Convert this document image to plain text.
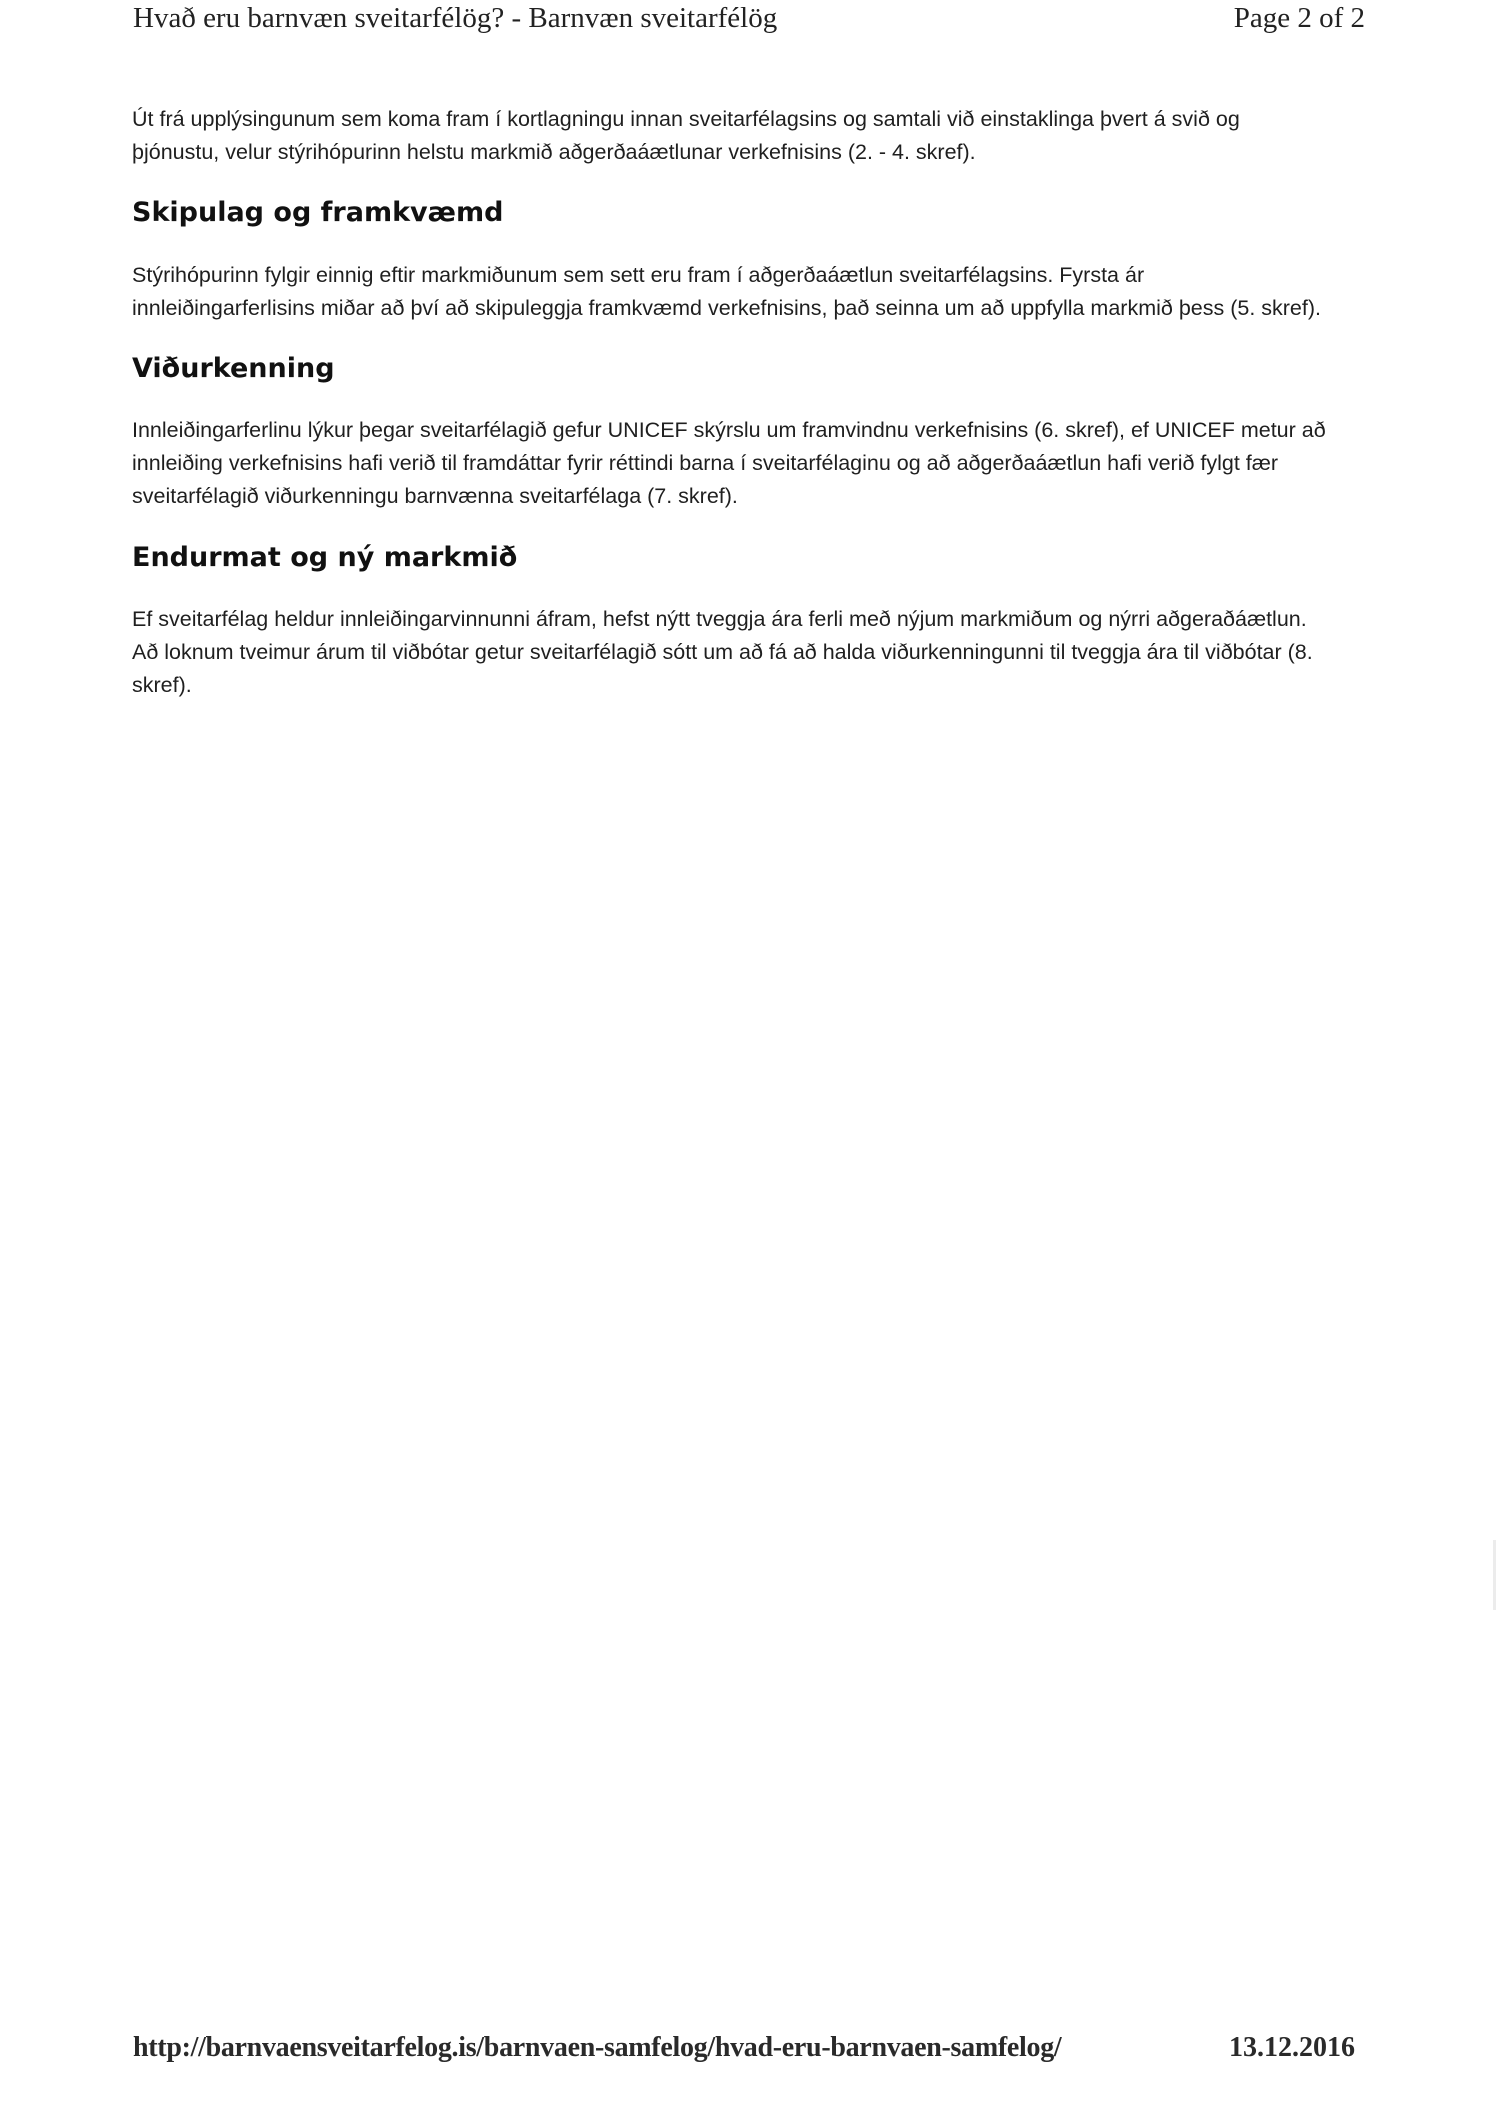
Hvað eru barnvæn sveitarfélög? - Barnvæn sveitarfélög	Page 2 of 2

Út frá upplýsingunum sem koma fram í kortlagningu innan sveitarfélagsins og samtali við einstaklinga þvert á svið og þjónustu, velur stýrihópurinn helstu markmið aðgerðaáætlunar verkefnisins (2. - 4. skref).

Skipulag og framkvæmd

Stýrihópurinn fylgir einnig eftir markmiðunum sem sett eru fram í aðgerðaáætlun sveitarfélagsins. Fyrsta ár innleiðingarferlisins miðar að því að skipuleggja framkvæmd verkefnisins, það seinna um að uppfylla markmið þess (5. skref).

Viðurkenning

Innleiðingarferlinu lýkur þegar sveitarfélagið gefur UNICEF skýrslu um framvindnu verkefnisins (6. skref), ef UNICEF metur að innleiðing verkefnisins hafi verið til framdáttar fyrir réttindi barna í sveitarfélaginu og að aðgerðaáætlun hafi verið fylgt fær sveitarfélagið viðurkenningu barnvænna sveitarfélaga (7. skref).

Endurmat og ný markmið

Ef sveitarfélag heldur innleiðingarvinnunni áfram, hefst nýtt tveggja ára ferli með nýjum markmiðum og nýrri aðgeraðáætlun. Að loknum tveimur árum til viðbótar getur sveitarfélagið sótt um að fá að halda viðurkenningunni til tveggja ára til viðbótar (8. skref).

http://barnvaensveitarfelog.is/barnvaen-samfelog/hvad-eru-barnvaen-samfelog/	13.12.2016
